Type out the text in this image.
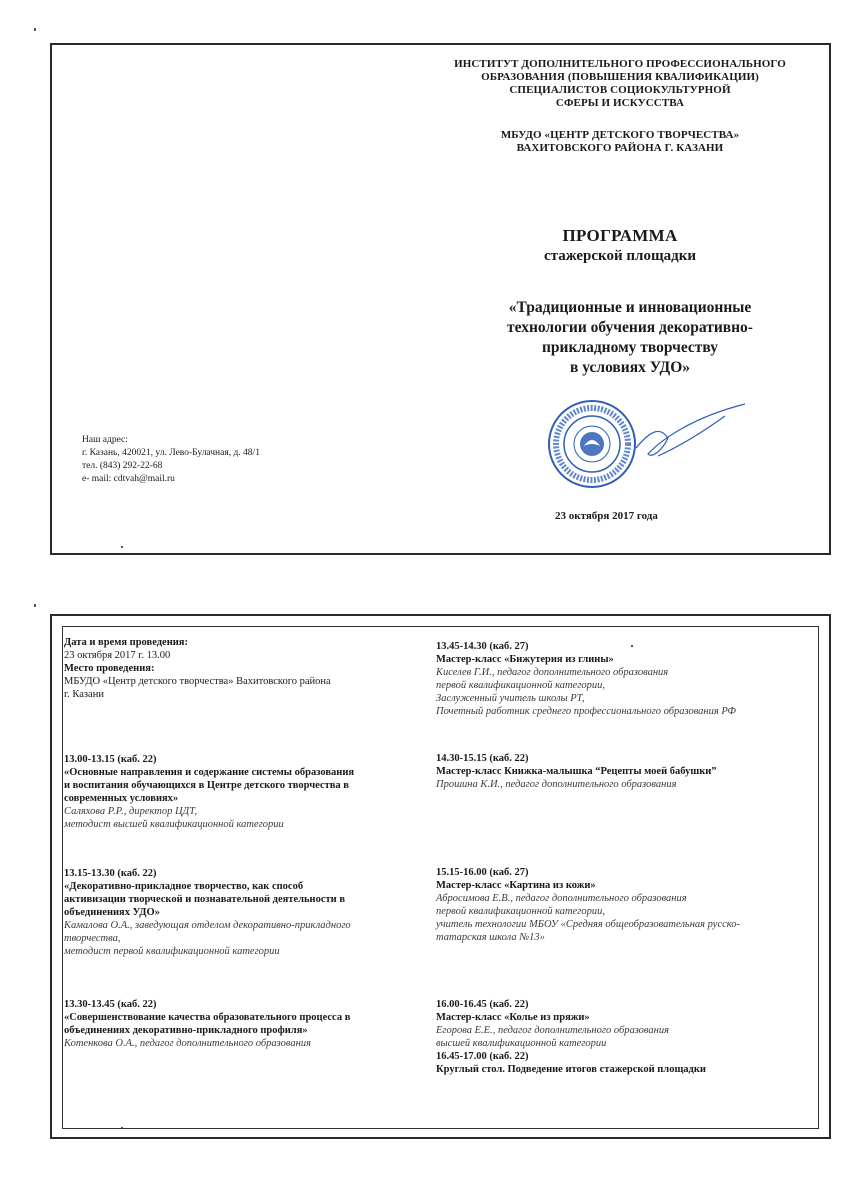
ИНСТИТУТ ДОПОЛНИТЕЛЬНОГО ПРОФЕССИОНАЛЬНОГО
ОБРАЗОВАНИЯ (ПОВЫШЕНИЯ КВАЛИФИКАЦИИ)
СПЕЦИАЛИСТОВ СОЦИОКУЛЬТУРНОЙ
СФЕРЫ И ИСКУССТВА
МБУДО «ЦЕНТР ДЕТСКОГО ТВОРЧЕСТВА»
ВАХИТОВСКОГО РАЙОНА Г. КАЗАНИ
ПРОГРАММА
стажерской площадки
«Традиционные и инновационные
технологии обучения декоративно-
прикладному творчеству
в условиях УДО»
Наш адрес:
г. Казань, 420021, ул. Лево-Булачная, д. 48/1
тел. (843) 292-22-68
е- mail: cdtvah@mail.ru
23 октября 2017 года
Дата и время проведения:
23 октября 2017 г. 13.00
Место проведения:
МБУДО «Центр детского творчества» Вахитовского района
г. Казани
13.00-13.15 (каб. 22)
«Основные направления и содержание системы образования
и воспитания обучающихся в Центре детского творчества в
современных условиях»
Саляхова Р.Р., директор ЦДТ,
методист высшей квалификационной категории
13.15-13.30 (каб. 22)
«Декоративно-прикладное творчество, как способ
активизации творческой и познавательной деятельности в
объединениях УДО»
Камалова О.А., заведующая отделом декоративно-прикладного
творчества,
методист первой квалификационной категории
13.30-13.45 (каб. 22)
«Совершенствование качества образовательного процесса в
объединениях декоративно-прикладного профиля»
Котенкова О.А., педагог дополнительного образования
13.45-14.30 (каб. 27)
Мастер-класс «Бижутерия из глины»
Киселев Г.И., педагог дополнительного образования
первой квалификационной категории,
Заслуженный учитель школы РТ,
Почетный работник среднего профессионального образования РФ
14.30-15.15 (каб. 22)
Мастер-класс Книжка-малышка “Рецепты моей бабушки”
Прошина К.И., педагог дополнительного образования
15.15-16.00 (каб. 27)
Мастер-класс «Картина из кожи»
Абросимова Е.В., педагог дополнительного образования
первой квалификационной категории,
учитель технологии МБОУ «Средняя общеобразовательная русско-
татарская школа №13»
16.00-16.45 (каб. 22)
Мастер-класс «Колье из пряжи»
Егорова Е.Е., педагог дополнительного образования
высшей квалификационной категории
16.45-17.00 (каб. 22)
Круглый стол. Подведение итогов стажерской площадки
